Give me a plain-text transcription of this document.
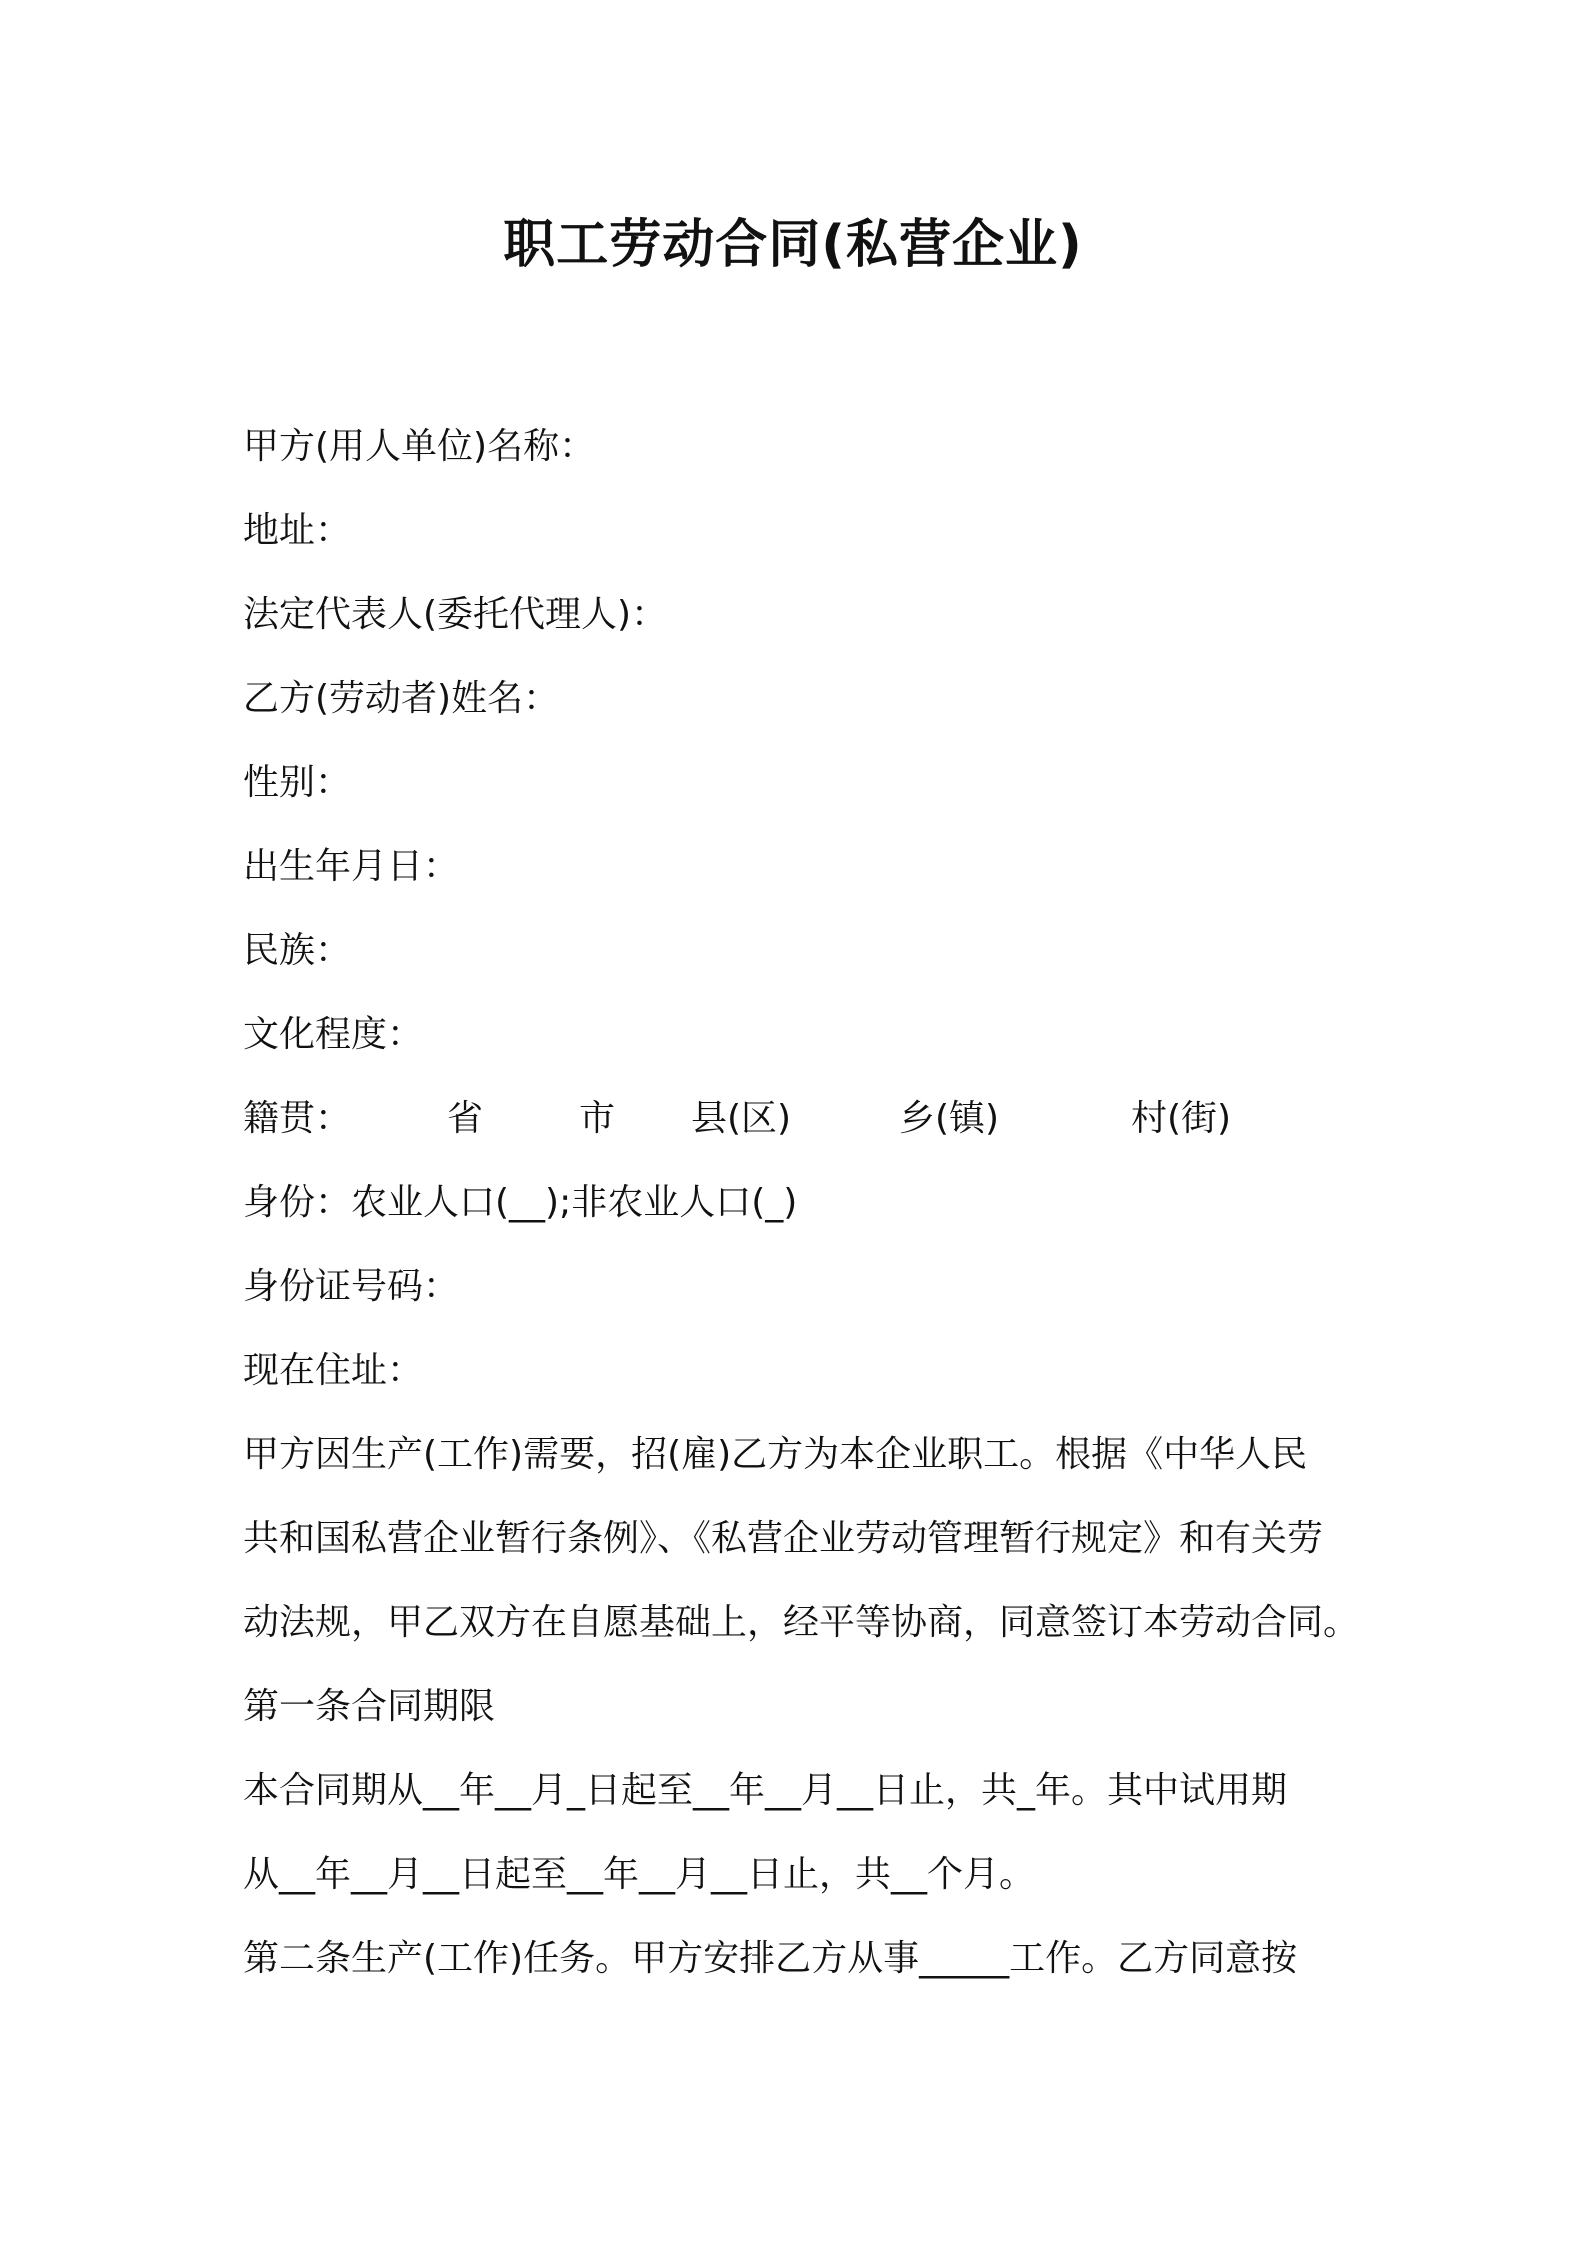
职工劳动合同(私营企业)
甲方(用人单位)名称：
地址：
法定代表人(委托代理人)：
乙方(劳动者)姓名：
性别：
出生年月日：
民族：
文化程度：
籍贯：	省	市 县(区)	乡(镇)	村(街)
身份：农业人口(__);非农业人口(_)
身份证号码：
现在住址：
甲方因生产(工作)需要，招(雇)乙方为本企业职工。根据《中华人民
共和国私营企业暂行条例》、《私营企业劳动管理暂行规定》和有关劳
动法规，甲乙双方在自愿基础上，经平等协商，同意签订本劳动合同。
第一条合同期限
本合同期从__年__月_日起至__年__月__日止，共_年。其中试用期
从__年__月__日起至__年__月__日止，共__个月。
第二条生产(工作)任务。甲方安排乙方从事_____工作。乙方同意按
